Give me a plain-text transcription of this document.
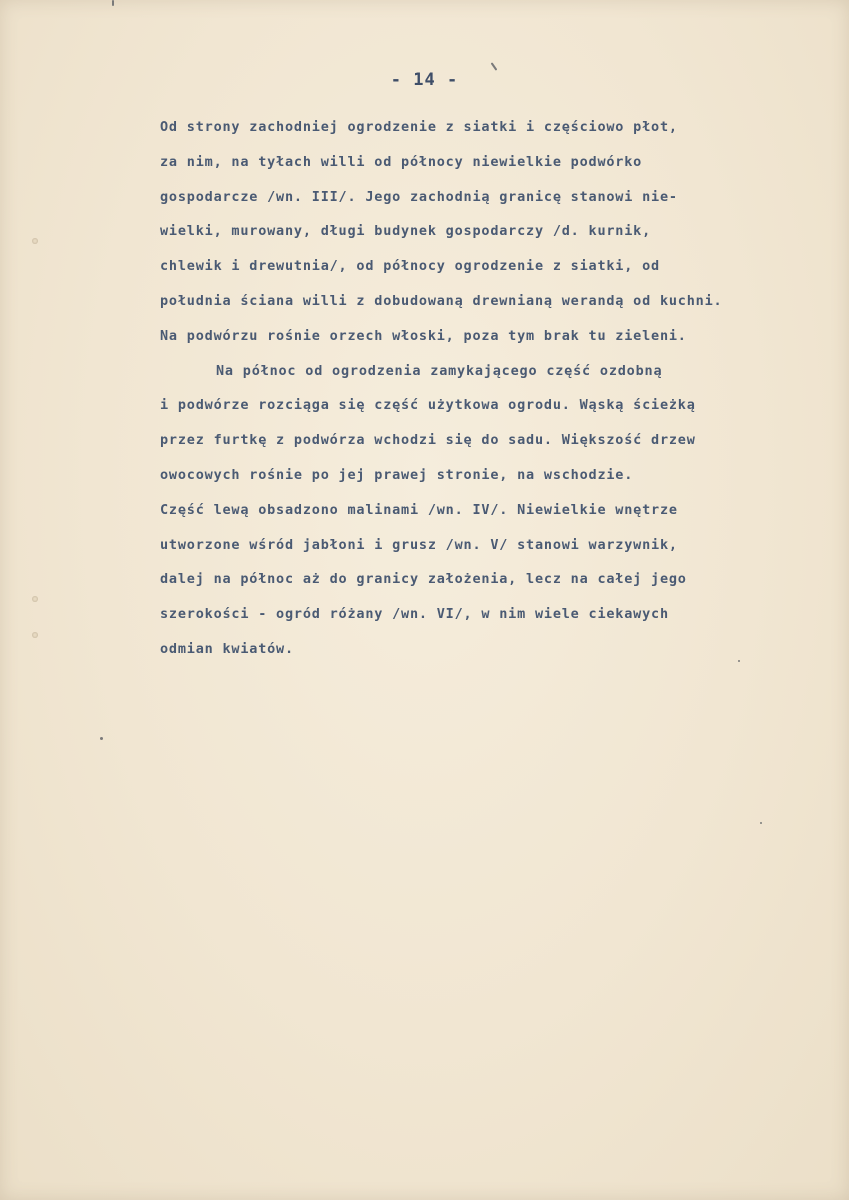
- 14 -
Od strony zachodniej ogrodzenie z siatki i częściowo płot,
za nim, na tyłach willi od północy niewielkie podwórko
gospodarcze /wn. III/. Jego zachodnią granicę stanowi nie-
wielki, murowany, długi budynek gospodarczy /d. kurnik,
chlewik i drewutnia/, od północy ogrodzenie z siatki, od
południa ściana willi z dobudowaną drewnianą werandą od kuchni.
Na podwórzu rośnie orzech włoski, poza tym brak tu zieleni.
Na północ od ogrodzenia zamykającego część ozdobną
i podwórze rozciąga się część użytkowa ogrodu. Wąską ścieżką
przez furtkę z podwórza wchodzi się do sadu. Większość drzew
owocowych rośnie po jej prawej stronie, na wschodzie.
Część lewą obsadzono malinami /wn. IV/. Niewielkie wnętrze
utworzone wśród jabłoni i grusz /wn. V/ stanowi warzywnik,
dalej na północ aż do granicy założenia, lecz na całej jego
szerokości - ogród różany /wn. VI/, w nim wiele ciekawych
odmian kwiatów.
